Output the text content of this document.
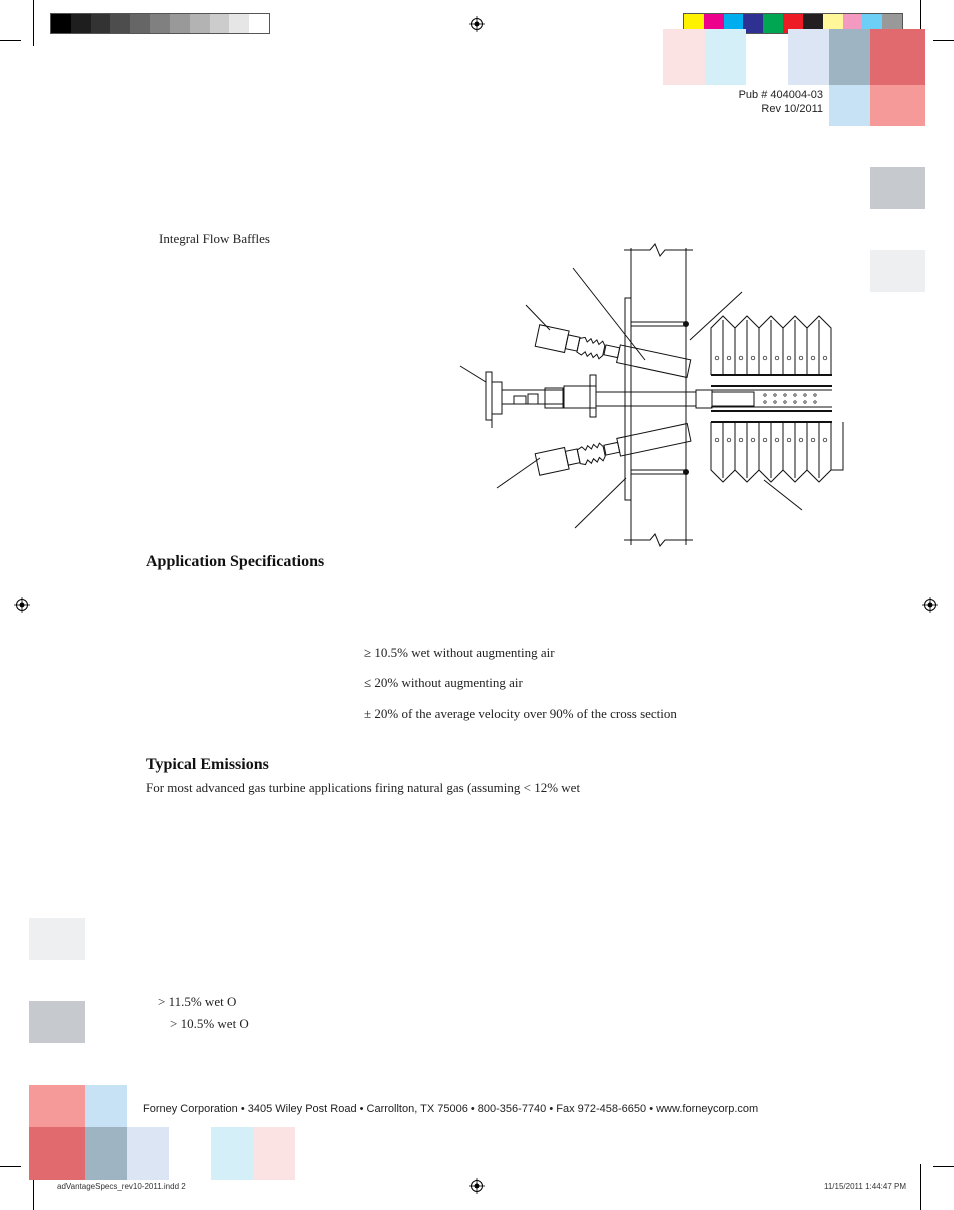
Pub # 404004-03
Rev 10/2011
Integral Flow Baffles
Application Specifications
≥ 10.5% wet without augmenting air
≤ 20% without augmenting air
± 20% of the average velocity over 90% of the cross section
Typical Emissions
For most advanced gas turbine applications firing natural gas (assuming < 12% wet
> 11.5% wet O
> 10.5% wet O
Forney Corporation • 3405 Wiley Post Road • Carrollton, TX 75006 • 800-356-7740 • Fax 972-458-6650 • www.forneycorp.com
adVantageSpecs_rev10-2011.indd 2	11/15/2011 1:44:47 PM
